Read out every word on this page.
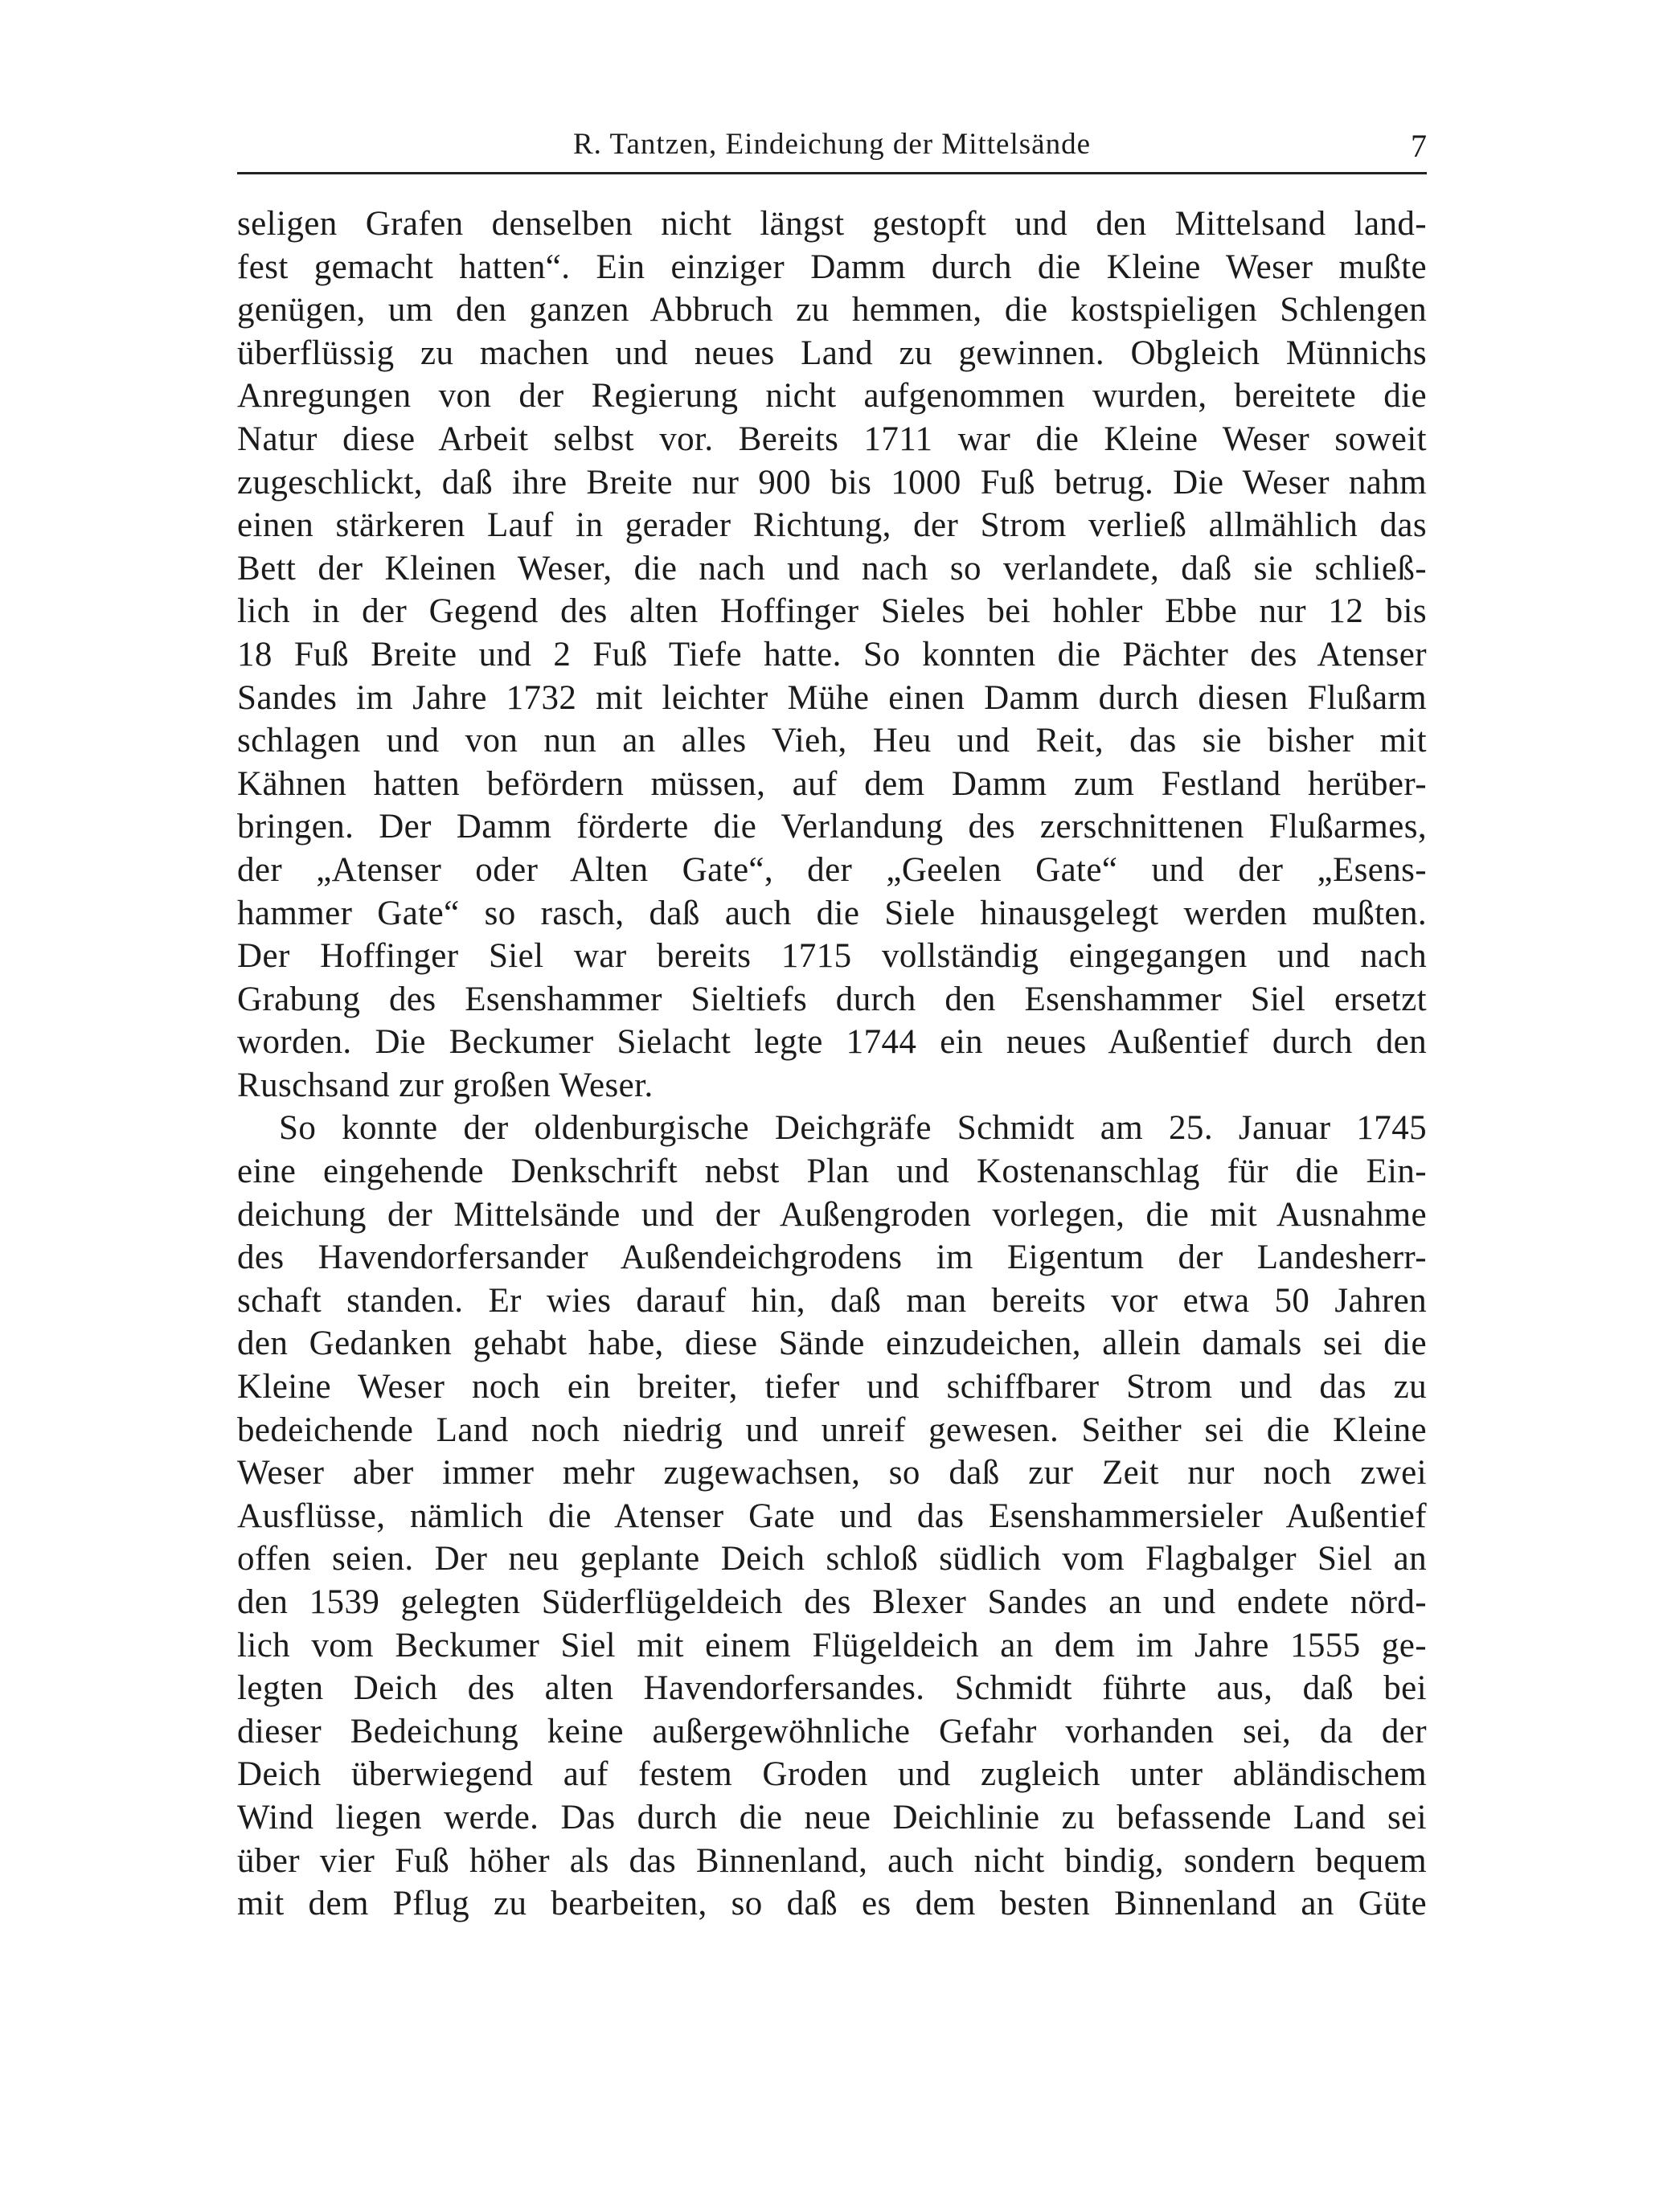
R. Tantzen, Eindeichung der Mittelsände	7
seligen Grafen denselben nicht längst gestopft und den Mittelsand land-
fest gemacht hatten“. Ein einziger Damm durch die Kleine Weser mußte
genügen, um den ganzen Abbruch zu hemmen, die kostspieligen Schlengen
überflüssig zu machen und neues Land zu gewinnen. Obgleich Münnichs
Anregungen von der Regierung nicht aufgenommen wurden, bereitete die
Natur diese Arbeit selbst vor. Bereits 1711 war die Kleine Weser soweit
zugeschlickt, daß ihre Breite nur 900 bis 1000 Fuß betrug. Die Weser nahm
einen stärkeren Lauf in gerader Richtung, der Strom verließ allmählich das
Bett der Kleinen Weser, die nach und nach so verlandete, daß sie schließ-
lich in der Gegend des alten Hoffinger Sieles bei hohler Ebbe nur 12 bis
18 Fuß Breite und 2 Fuß Tiefe hatte. So konnten die Pächter des Atenser
Sandes im Jahre 1732 mit leichter Mühe einen Damm durch diesen Flußarm
schlagen und von nun an alles Vieh, Heu und Reit, das sie bisher mit
Kähnen hatten befördern müssen, auf dem Damm zum Festland herüber-
bringen. Der Damm förderte die Verlandung des zerschnittenen Flußarmes,
der „Atenser oder Alten Gate“, der „Geelen Gate“ und der „Esens-
hammer Gate“ so rasch, daß auch die Siele hinausgelegt werden mußten.
Der Hoffinger Siel war bereits 1715 vollständig eingegangen und nach
Grabung des Esenshammer Sieltiefs durch den Esenshammer Siel ersetzt
worden. Die Beckumer Sielacht legte 1744 ein neues Außentief durch den
Ruschsand zur großen Weser.
So konnte der oldenburgische Deichgräfe Schmidt am 25. Januar 1745
eine eingehende Denkschrift nebst Plan und Kostenanschlag für die Ein-
deichung der Mittelsände und der Außengroden vorlegen, die mit Ausnahme
des Havendorfersander Außendeichgrodens im Eigentum der Landesherr-
schaft standen. Er wies darauf hin, daß man bereits vor etwa 50 Jahren
den Gedanken gehabt habe, diese Sände einzudeichen, allein damals sei die
Kleine Weser noch ein breiter, tiefer und schiffbarer Strom und das zu
bedeichende Land noch niedrig und unreif gewesen. Seither sei die Kleine
Weser aber immer mehr zugewachsen, so daß zur Zeit nur noch zwei
Ausflüsse, nämlich die Atenser Gate und das Esenshammersieler Außentief
offen seien. Der neu geplante Deich schloß südlich vom Flagbalger Siel an
den 1539 gelegten Süderflügeldeich des Blexer Sandes an und endete nörd-
lich vom Beckumer Siel mit einem Flügeldeich an dem im Jahre 1555 ge-
legten Deich des alten Havendorfersandes. Schmidt führte aus, daß bei
dieser Bedeichung keine außergewöhnliche Gefahr vorhanden sei, da der
Deich überwiegend auf festem Groden und zugleich unter abländischem
Wind liegen werde. Das durch die neue Deichlinie zu befassende Land sei
über vier Fuß höher als das Binnenland, auch nicht bindig, sondern bequem
mit dem Pflug zu bearbeiten, so daß es dem besten Binnenland an Güte
